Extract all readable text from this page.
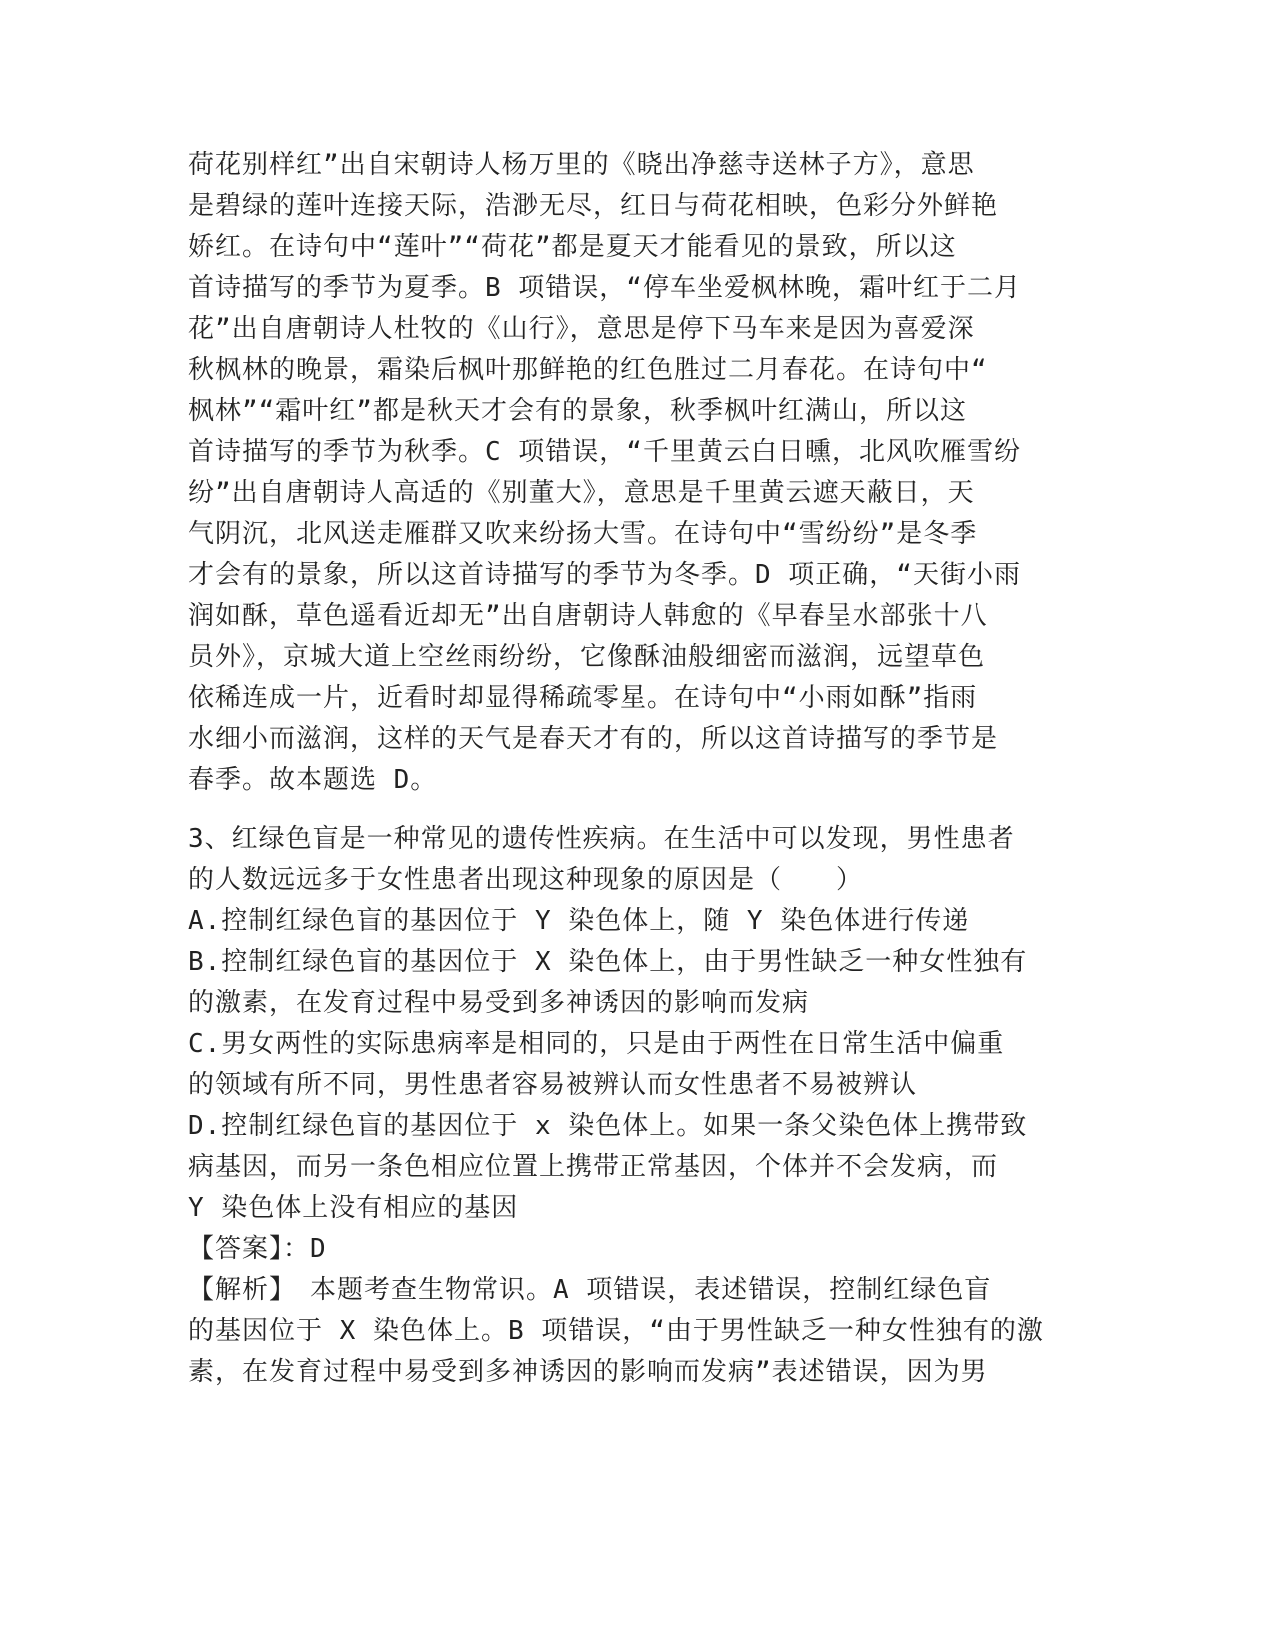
荷花别样红”出自宋朝诗人杨万里的《晓出净慈寺送林子方》，意思
是碧绿的莲叶连接天际，浩渺无尽，红日与荷花相映，色彩分外鲜艳
娇红。在诗句中“莲叶”“荷花”都是夏天才能看见的景致，所以这
首诗描写的季节为夏季。B 项错误，“停车坐爱枫林晚，霜叶红于二月
花”出自唐朝诗人杜牧的《山行》，意思是停下马车来是因为喜爱深
秋枫林的晚景，霜染后枫叶那鲜艳的红色胜过二月春花。在诗句中“
枫林”“霜叶红”都是秋天才会有的景象，秋季枫叶红满山，所以这
首诗描写的季节为秋季。C 项错误，“千里黄云白日曛，北风吹雁雪纷
纷”出自唐朝诗人高适的《别董大》，意思是千里黄云遮天蔽日，天
气阴沉，北风送走雁群又吹来纷扬大雪。在诗句中“雪纷纷”是冬季
才会有的景象，所以这首诗描写的季节为冬季。D 项正确，“天街小雨
润如酥，草色遥看近却无”出自唐朝诗人韩愈的《早春呈水部张十八
员外》，京城大道上空丝雨纷纷，它像酥油般细密而滋润，远望草色
依稀连成一片，近看时却显得稀疏零星。在诗句中“小雨如酥”指雨
水细小而滋润，这样的天气是春天才有的，所以这首诗描写的季节是
春季。故本题选 D。
3、红绿色盲是一种常见的遗传性疾病。在生活中可以发现，男性患者
的人数远远多于女性患者出现这种现象的原因是（　　）
A.控制红绿色盲的基因位于 Y 染色体上，随 Y 染色体进行传递
B.控制红绿色盲的基因位于 X 染色体上，由于男性缺乏一种女性独有
的激素，在发育过程中易受到多神诱因的影响而发病
C.男女两性的实际患病率是相同的，只是由于两性在日常生活中偏重
的领域有所不同，男性患者容易被辨认而女性患者不易被辨认
D.控制红绿色盲的基因位于 x 染色体上。如果一条父染色体上携带致
病基因，而另一条色相应位置上携带正常基因，个体并不会发病，而
Y 染色体上没有相应的基因
【答案】：D
【解析】　本题考查生物常识。A 项错误，表述错误，控制红绿色盲
的基因位于 X 染色体上。B 项错误，“由于男性缺乏一种女性独有的激
素，在发育过程中易受到多神诱因的影响而发病”表述错误，因为男
